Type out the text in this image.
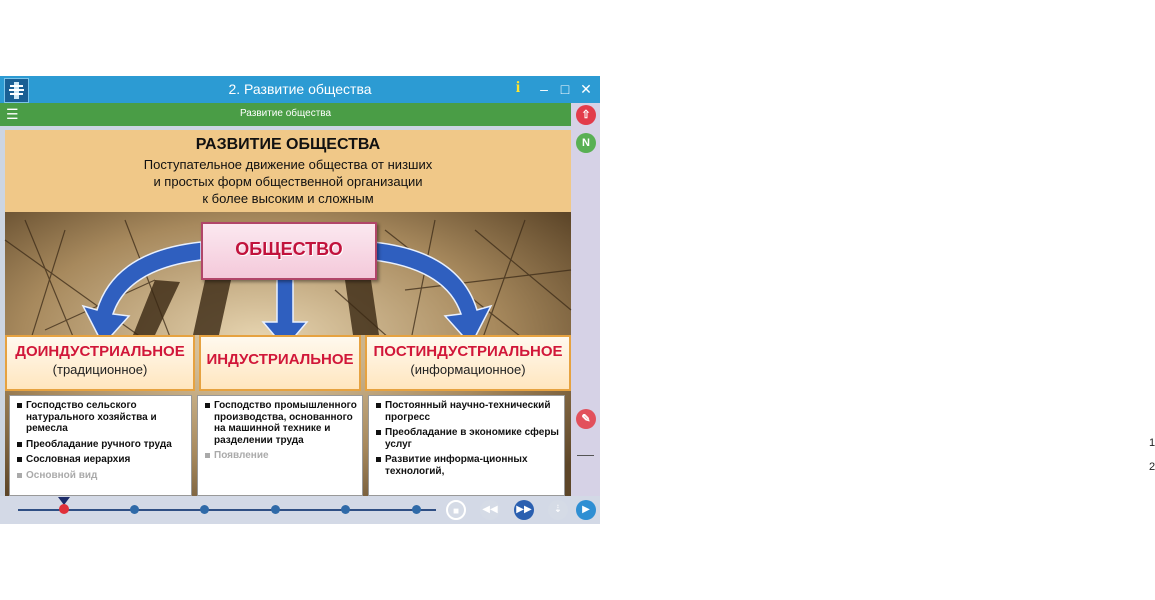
2. Развитие общества	i	– □ ✕
☰	Развитие общества	⇧
N
✎
1
2
РАЗВИТИЕ ОБЩЕСТВА
Поступательное движение общества от низших
и простых форм общественной организации
к более высоким и сложным
ОБЩЕСТВО
ДОИНДУСТРИАЛЬНОЕ
(традиционное)
ИНДУСТРИАЛЬНОЕ	ПОСТИНДУСТРИАЛЬНОЕ
(информационное)
Господство сельского натурального хозяйства и ремесла
Преобладание ручного труда
Сословная иерархия
Основной вид
Господство промышленного производства, основанного на машинной технике и разделении труда
Появление
Постоянный научно-технический прогресс
Преобладание в экономике сферы услуг
Развитие информа-ционных технологий,
■	◀◀ ▶▶	⇣	▶
